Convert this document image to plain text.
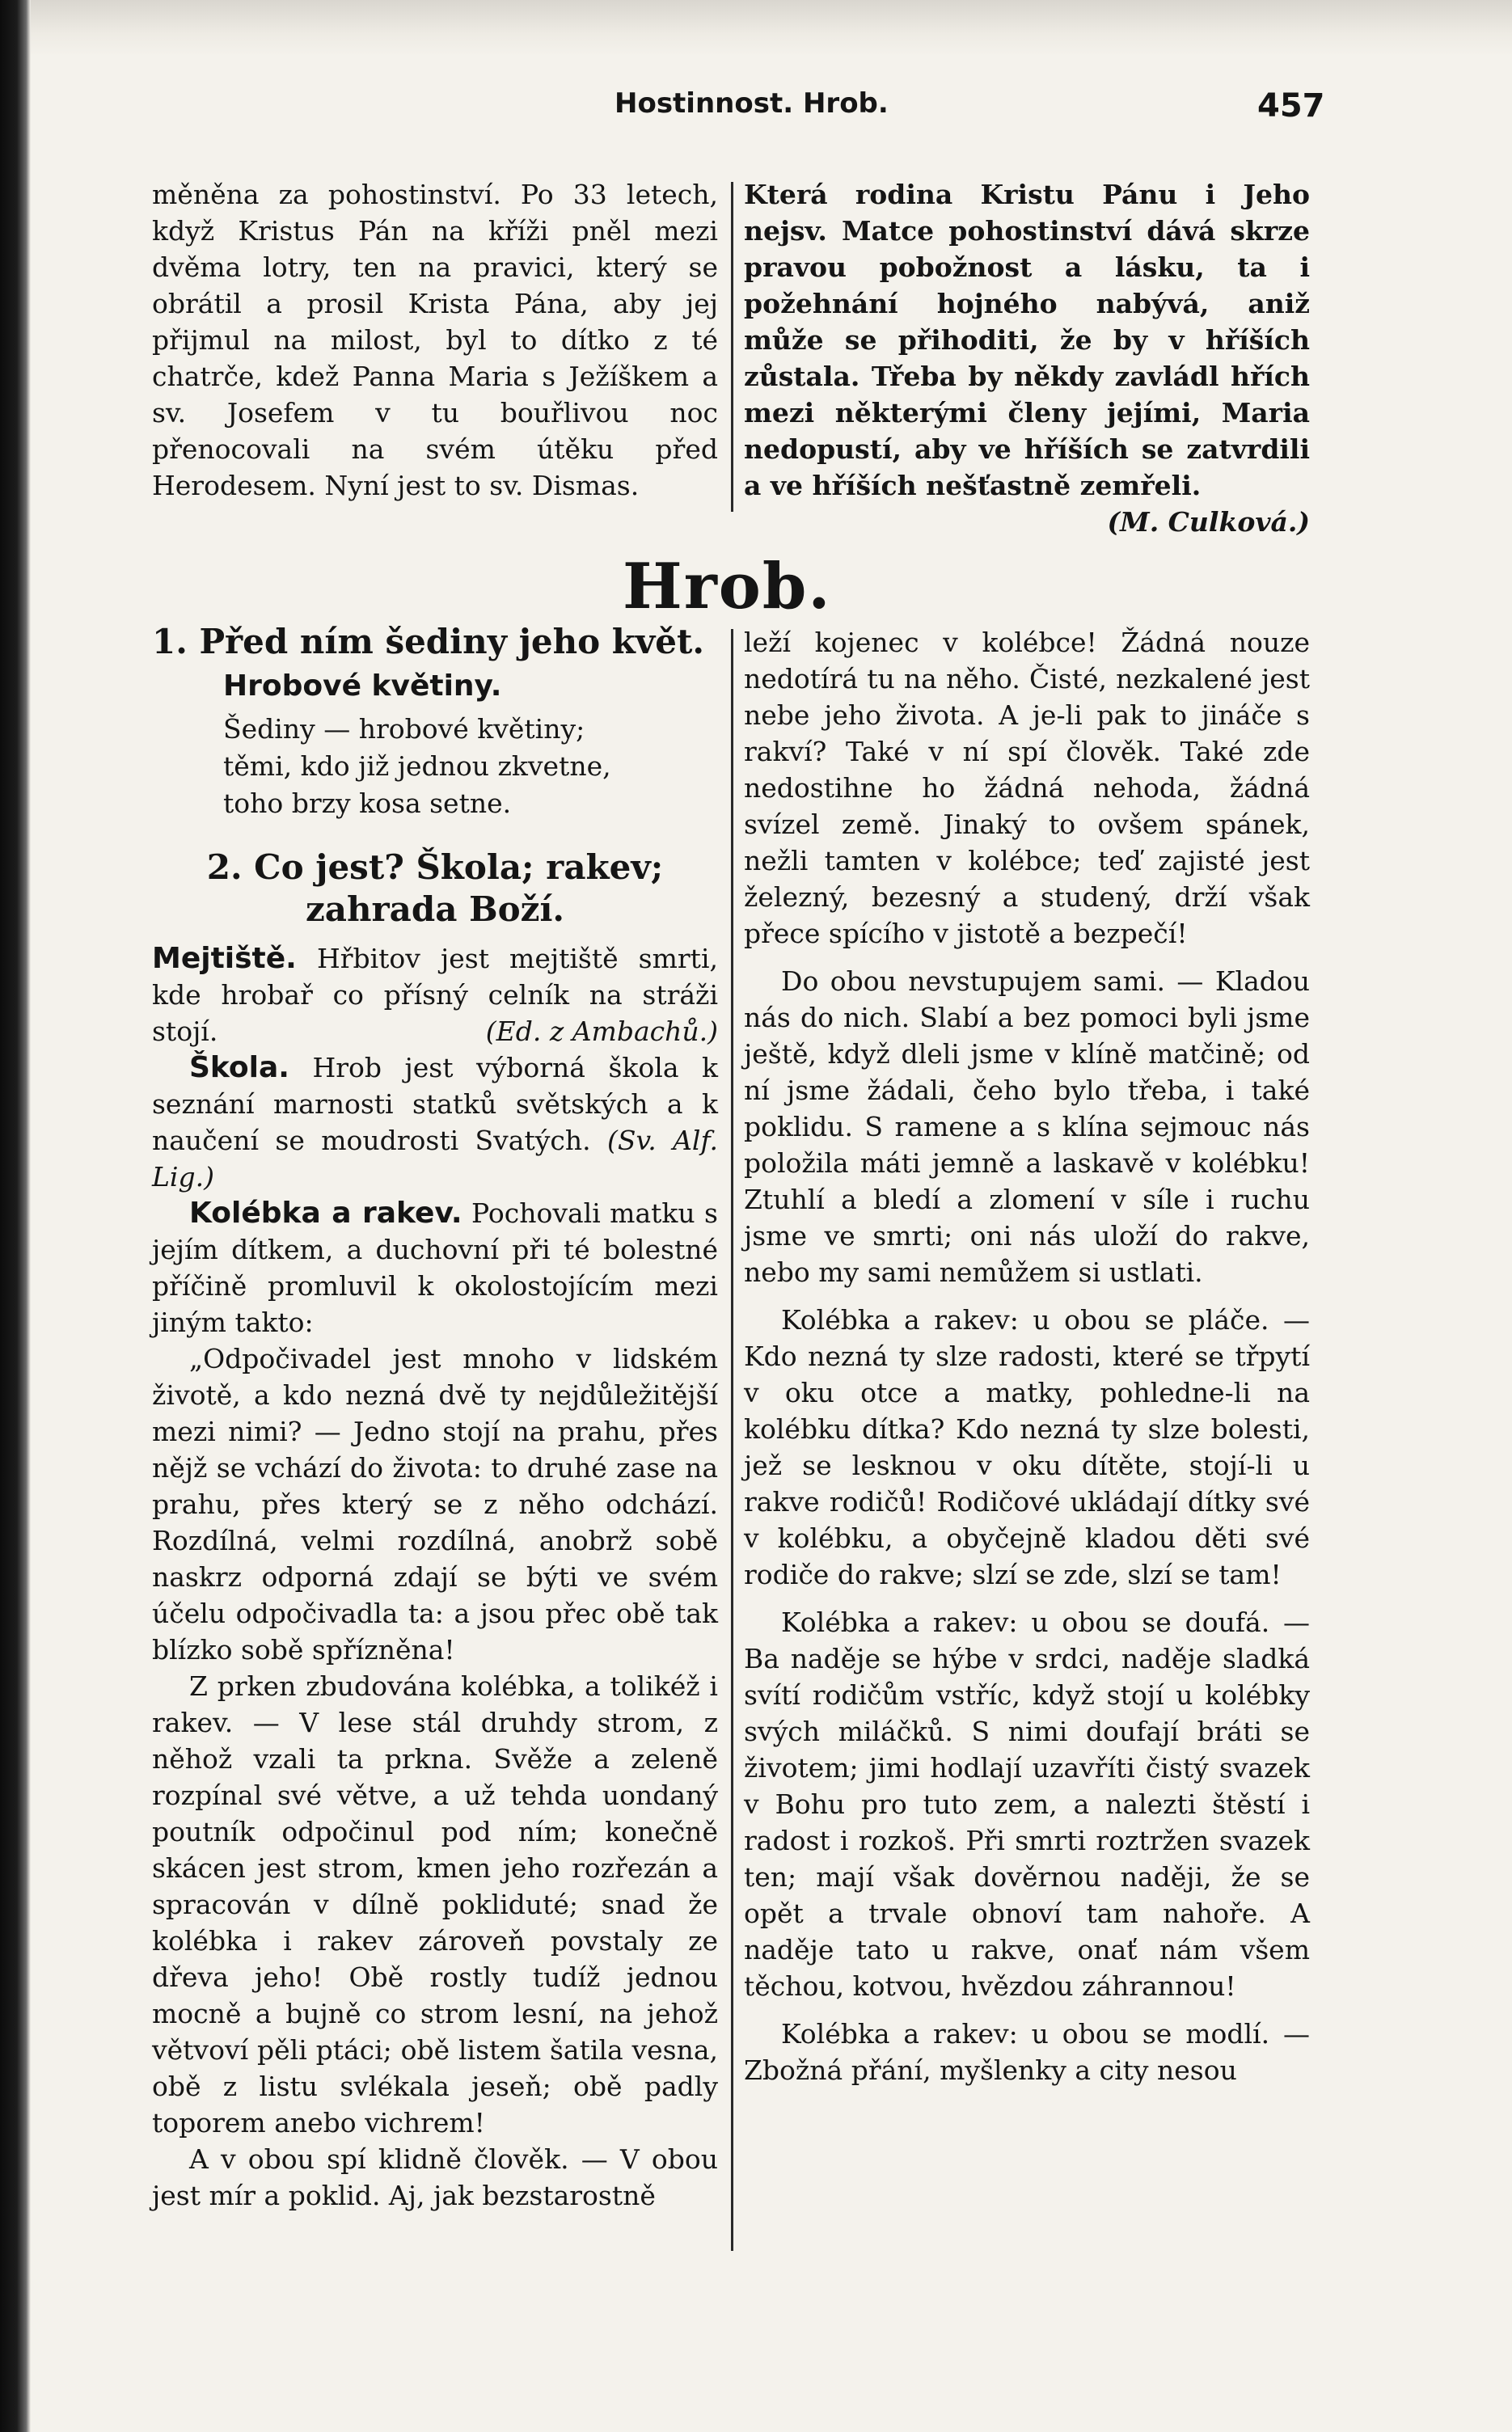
Hostinnost. Hrob.	457

měněna za pohostinství. Po 33 letech, když Kristus Pán na kříži pněl mezi dvěma lotry, ten na pravici, který se obrátil a prosil Krista Pána, aby jej přijmul na milost, byl to dítko z té chatrče, kdež Panna Maria s Ježíškem a sv. Josefem v tu bouřlivou noc přenocovali na svém útěku před Herodesem. Nyní jest to sv. Dismas.

Která rodina Kristu Pánu i Jeho nejsv. Matce pohostinství dává skrze pravou pobožnost a lásku, ta i požehnání hojného nabývá, aniž může se přihoditi, že by v hříších zůstala. Třeba by někdy zavládl hřích mezi některými členy jejími, Maria nedopustí, aby ve hříších se zatvrdili a ve hříších nešťastně zemřeli.
(M. Culková.)

Hrob.
1. Před ním šediny jeho květ.
Hrobové květiny.
Šediny — hrobové květiny;
těmi, kdo již jednou zkvetne,
toho brzy kosa setne.
2. Co jest? Škola; rakev;
zahrada Boží.

Mejtiště. Hřbitov jest mejtiště smrti, kde hrobař co přísný celník na stráži stojí.	(Ed. z Ambachů.)

Škola. Hrob jest výborná škola k seznání marnosti statků světských a k naučení se moudrosti Svatých. (Sv. Alf. Lig.)

Kolébka a rakev. Pochovali matku s jejím dítkem, a duchovní při té bolestné příčině promluvil k okolostojícím mezi jiným takto:

„Odpočivadel jest mnoho v lidském životě, a kdo nezná dvě ty nejdůležitější mezi nimi? — Jedno stojí na prahu, přes nějž se vchází do života: to druhé zase na prahu, přes který se z něho odchází. Rozdílná, velmi rozdílná, anobrž sobě naskrz odporná zdají se býti ve svém účelu odpočivadla ta: a jsou přec obě tak blízko sobě spřízněna!

Z prken zbudována kolébka, a tolikéž i rakev. — V lese stál druhdy strom, z něhož vzali ta prkna. Svěže a zeleně rozpínal své větve, a už tehda uondaný poutník odpočinul pod ním; konečně skácen jest strom, kmen jeho rozřezán a spracován v dílně pokliduté; snad že kolébka i rakev zároveň povstaly ze dřeva jeho! Obě rostly tudíž jednou mocně a bujně co strom lesní, na jehož větvoví pěli ptáci; obě listem šatila vesna, obě z listu svlékala jeseň; obě padly toporem anebo vichrem!

A v obou spí klidně člověk. — V obou jest mír a poklid. Aj, jak bezstarostně

leží kojenec v kolébce! Žádná nouze nedotírá tu na něho. Čisté, nezkalené jest nebe jeho života. A je-li pak to jináče s rakví? Také v ní spí člověk. Také zde nedostihne ho žádná nehoda, žádná svízel země. Jinaký to ovšem spánek, nežli tamten v kolébce; teď zajisté jest železný, bezesný a studený, drží však přece spícího v jistotě a bezpečí!

Do obou nevstupujem sami. — Kladou nás do nich. Slabí a bez pomoci byli jsme ještě, když dleli jsme v klíně matčině; od ní jsme žádali, čeho bylo třeba, i také poklidu. S ramene a s klína sejmouc nás položila máti jemně a laskavě v kolébku! Ztuhlí a bledí a zlomení v síle i ruchu jsme ve smrti; oni nás uloží do rakve, nebo my sami nemůžem si ustlati.

Kolébka a rakev: u obou se pláče. — Kdo nezná ty slze radosti, které se třpytí v oku otce a matky, pohledne-li na kolébku dítka? Kdo nezná ty slze bolesti, jež se lesknou v oku dítěte, stojí-li u rakve rodičů! Rodičové ukládají dítky své v kolébku, a obyčejně kladou děti své rodiče do rakve; slzí se zde, slzí se tam!

Kolébka a rakev: u obou se doufá. — Ba naděje se hýbe v srdci, naděje sladká svítí rodičům vstříc, když stojí u kolébky svých miláčků. S nimi doufají bráti se životem; jimi hodlají uzavříti čistý svazek v Bohu pro tuto zem, a nalezti štěstí i radost i rozkoš. Při smrti roztržen svazek ten; mají však dověrnou naději, že se opět a trvale obnoví tam nahoře. A naděje tato u rakve, onať nám všem těchou, kotvou, hvězdou záhrannou!

Kolébka a rakev: u obou se modlí. — Zbožná přání, myšlenky a city nesou
